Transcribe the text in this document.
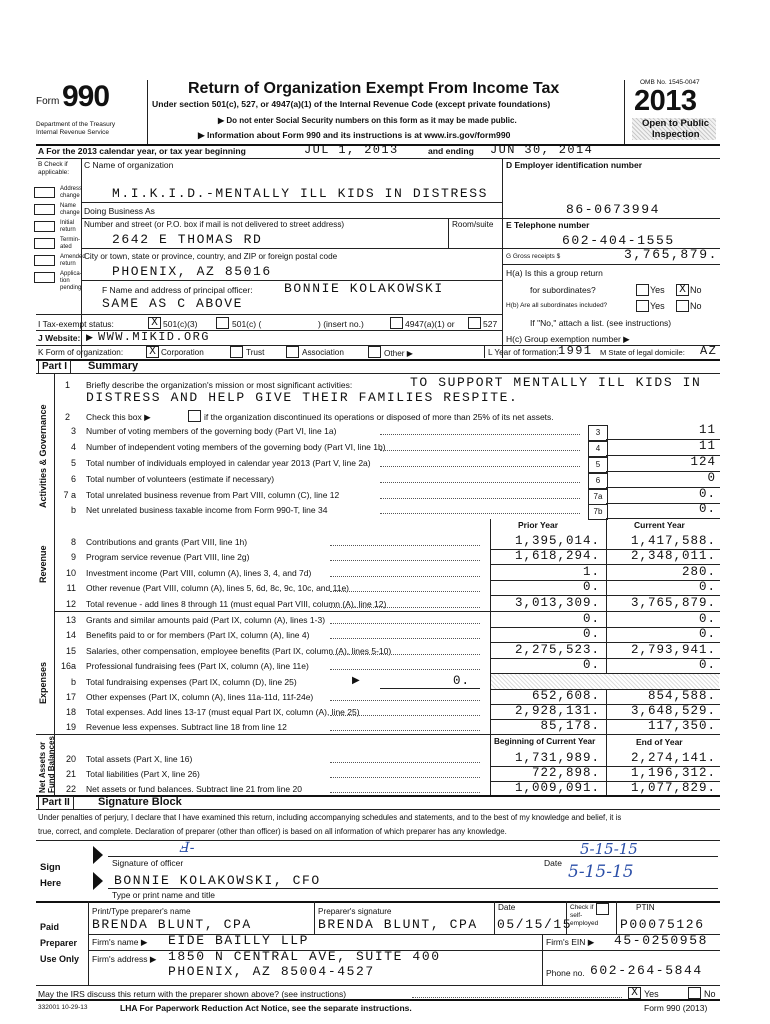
Form 990
Department of the Treasury
Internal Revenue Service
Return of Organization Exempt From Income Tax
Under section 501(c), 527, or 4947(a)(1) of the Internal Revenue Code (except private foundations)
▶ Do not enter Social Security numbers on this form as it may be made public.
▶ Information about Form 990 and its instructions is at www.irs.gov/form990
OMB No. 1545-0047
2013
Open to Public
Inspection
A For the 2013 calendar year, or tax year beginning	JUL 1, 2013	and ending JUN 30, 2014
B Check if applicable:
Address change
Name change
Initial return
Termin-ated
Amended return
Applica-tion pending
C Name of organization
M.I.K.I.D.-MENTALLY ILL KIDS IN DISTRESS
Doing Business As
Number and street (or P.O. box if mail is not delivered to street address)	Room/suite
2642 E THOMAS RD
City or town, state or province, country, and ZIP or foreign postal code
PHOENIX, AZ 85016
F Name and address of principal officer: BONNIE KOLAKOWSKI
SAME AS C ABOVE
D Employer identification number
86-0673994
E Telephone number
602-404-1555
G Gross receipts $	3,765,879.
H(a) Is this a group return
for subordinates?	Yes X No
H(b) Are all subordinates included?	Yes	No
If "No," attach a list. (see instructions)
I Tax-exempt status:	X 501(c)(3)	501(c) (	) (insert no.)	4947(a)(1) or	527
J Website: ▶ WWW.MIKID.ORG	H(c) Group exemption number ▶
K Form of organization: X Corporation	Trust	Association	Other ▶	L Year of formation: 1991 M State of legal domicile: AZ
Part I	Summary
Activities & Governance
Revenue
Expenses
Net Assets or Fund Balances
1 Briefly describe the organization's mission or most significant activities:	TO SUPPORT MENTALLY ILL KIDS IN
DISTRESS AND HELP GIVE THEIR FAMILIES RESPITE.
2 Check this box ▶	if the organization discontinued its operations or disposed of more than 25% of its net assets.
3 Number of voting members of the governing body (Part VI, line 1a)	3	11
4 Number of independent voting members of the governing body (Part VI, line 1b)	4	11
5 Total number of individuals employed in calendar year 2013 (Part V, line 2a)	5	124
6 Total number of volunteers (estimate if necessary)	6	0
7 a Total unrelated business revenue from Part VIII, column (C), line 12	7a	0.
b Net unrelated business taxable income from Form 990-T, line 34	7b	0.
Prior Year	Current Year
8 Contributions and grants (Part VIII, line 1h)	1,395,014.	1,417,588.
9 Program service revenue (Part VIII, line 2g)	1,618,294.	2,348,011.
10 Investment income (Part VIII, column (A), lines 3, 4, and 7d)	1.	280.
11 Other revenue (Part VIII, column (A), lines 5, 6d, 8c, 9c, 10c, and 11e)	0.	0.
12 Total revenue - add lines 8 through 11 (must equal Part VIII, column (A), line 12)	3,013,309.	3,765,879.
13 Grants and similar amounts paid (Part IX, column (A), lines 1-3)	0.	0.
14 Benefits paid to or for members (Part IX, column (A), line 4)	0.	0.
15 Salaries, other compensation, employee benefits (Part IX, column (A), lines 5-10)	2,275,523.	2,793,941.
16a Professional fundraising fees (Part IX, column (A), line 11e)	0.	0.
b Total fundraising expenses (Part IX, column (D), line 25)	▶	0.
17 Other expenses (Part IX, column (A), lines 11a-11d, 11f-24e)	652,608.	854,588.
18 Total expenses. Add lines 13-17 (must equal Part IX, column (A), line 25)	2,928,131.	3,648,529.
19 Revenue less expenses. Subtract line 18 from line 12	85,178.	117,350.
Beginning of Current Year	End of Year
20 Total assets (Part X, line 16)	1,731,989.	2,274,141.
21 Total liabilities (Part X, line 26)	722,898.	1,196,312.
22 Net assets or fund balances. Subtract line 21 from line 20	1,009,091.	1,077,829.
Part II	Signature Block
Under penalties of perjury, I declare that I have examined this return, including accompanying schedules and statements, and to the best of my knowledge and belief, it is
true, correct, and complete. Declaration of preparer (other than officer) is based on all information of which preparer has any knowledge.
Sign
Here
Ⅎ-
Signature of officer	Date
5-15-15
5-15-15
BONNIE KOLAKOWSKI, CFO
Type or print name and title
Paid
Preparer
Use Only
Print/Type preparer's name
BRENDA BLUNT, CPA
Preparer's signature
BRENDA BLUNT, CPA
Date
05/15/15
Check if self-employed
PTIN
P00075126
Firm's name ▶ EIDE BAILLY LLP	Firm's EIN ▶ 45-0250958
Firm's address ▶ 1850 N CENTRAL AVE, SUITE 400
PHOENIX, AZ 85004-4527	Phone no. 602-264-5844
May the IRS discuss this return with the preparer shown above? (see instructions)	X Yes	No
332001 10-29-13	LHA For Paperwork Reduction Act Notice, see the separate instructions.	Form 990 (2013)
